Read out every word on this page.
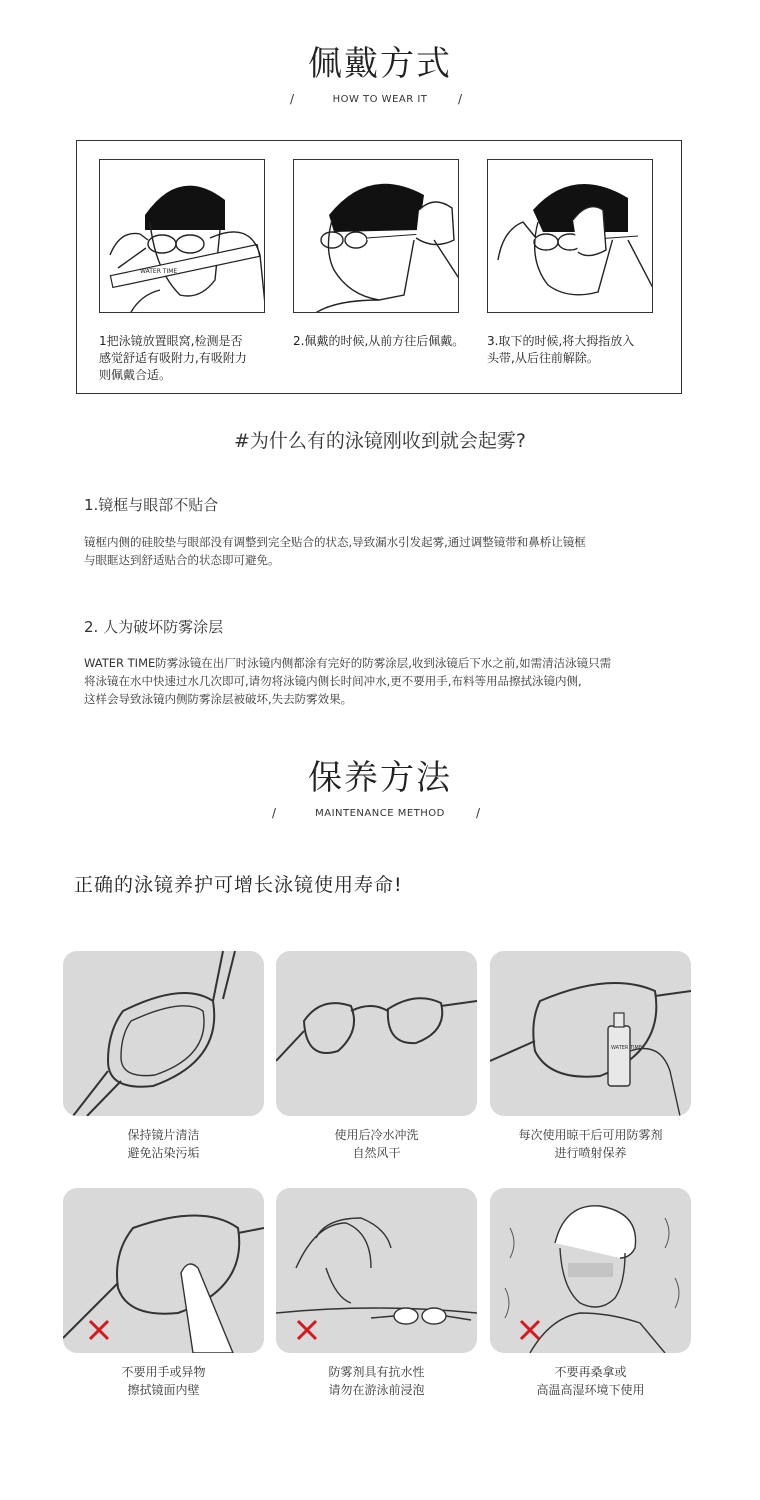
佩戴方式
/	HOW TO WEAR IT	/
WATER TIME
1把泳镜放置眼窝,检测是否
感觉舒适有吸附力,有吸附力
则佩戴合适。
2.佩戴的时候,从前方往后佩戴。	3.取下的时候,将大拇指放入
头带,从后往前解除。
#为什么有的泳镜刚收到就会起雾?
1.镜框与眼部不贴合
镜框内侧的硅胶垫与眼部没有调整到完全贴合的状态,导致漏水引发起雾,通过调整镜带和鼻桥让镜框
与眼眶达到舒适贴合的状态即可避免。
2. 人为破坏防雾涂层
WATER TIME防雾泳镜在出厂时泳镜内侧都涂有完好的防雾涂层,收到泳镜后下水之前,如需清洁泳镜只需
将泳镜在水中快速过水几次即可,请勿将泳镜内侧长时间冲水,更不要用手,布料等用品擦拭泳镜内侧,
这样会导致泳镜内侧防雾涂层被破坏,失去防雾效果。
保养方法
/	MAINTENANCE METHOD	/
正确的泳镜养护可增长泳镜使用寿命!
WATER TIME
保持镜片清洁
避免沾染污垢
使用后冷水冲洗
自然风干
每次使用晾干后可用防雾剂
进行喷射保养
不要用手或异物
擦拭镜面内壁
防雾剂具有抗水性
请勿在游泳前浸泡
不要再桑拿或
高温高湿环境下使用
